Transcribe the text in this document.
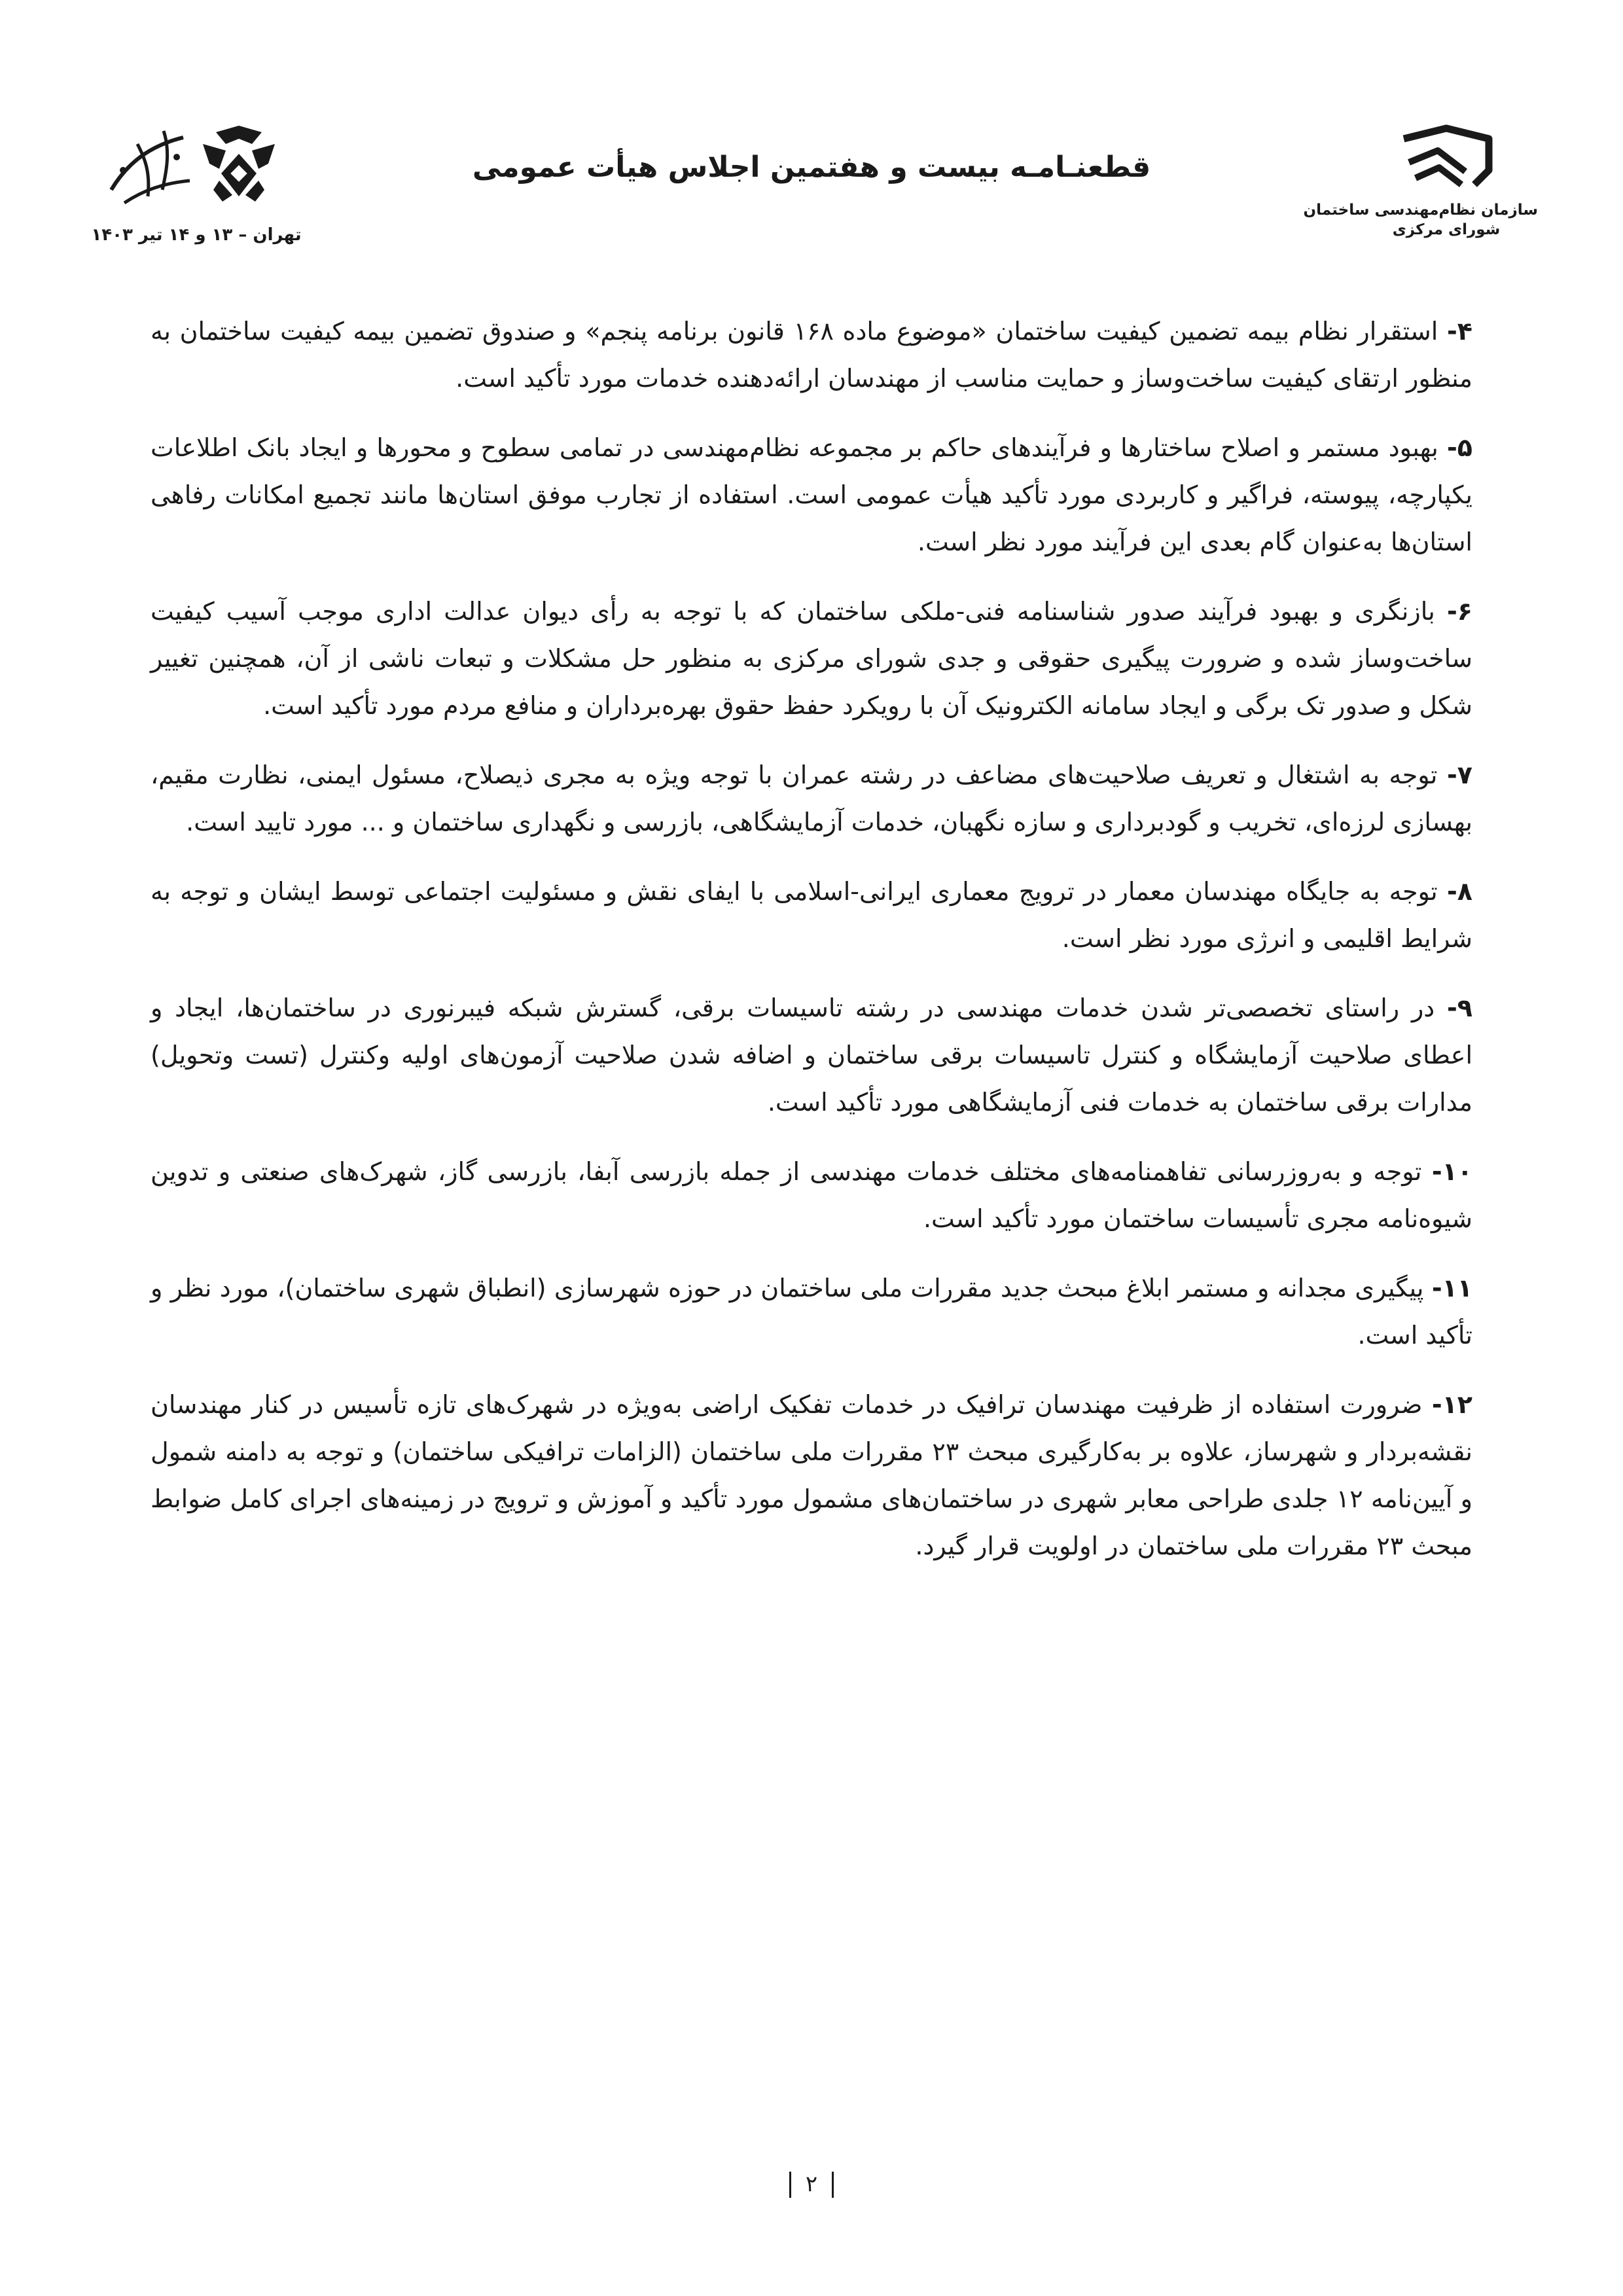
سازمان نظام‌مهندسی ساختمان
شورای مرکزی
قطعنـامـه بیست و هفتمین اجلاس هیأت عمومی
تهران – ۱۳ و ۱۴ تیر ۱۴۰۳

۴- استقرار نظام بیمه تضمین کیفیت ساختمان «موضوع ماده ۱۶۸ قانون برنامه پنجم» و صندوق تضمین بیمه کیفیت ساختمان به منظور ارتقای کیفیت ساخت‌وساز و حمایت مناسب از مهندسان ارائه‌دهنده خدمات مورد تأکید است.

۵- بهبود مستمر و اصلاح ساختارها و فرآیندهای حاکم بر مجموعه نظام‌مهندسی در تمامی سطوح و محورها و ایجاد بانک اطلاعات یکپارچه، پیوسته، فراگیر و کاربردی مورد تأکید هیأت عمومی است. استفاده از تجارب موفق استان‌ها مانند تجمیع امکانات رفاهی استان‌ها به‌عنوان گام بعدی این فرآیند مورد نظر است.

۶- بازنگری و بهبود فرآیند صدور شناسنامه فنی-ملکی ساختمان که با توجه به رأی دیوان عدالت اداری موجب آسیب کیفیت ساخت‌وساز شده و ضرورت پیگیری حقوقی و جدی شورای مرکزی به منظور حل مشکلات و تبعات ناشی از آن، همچنین تغییر شکل و صدور تک برگی و ایجاد سامانه الکترونیک آن با رویکرد حفظ حقوق بهره‌برداران و منافع مردم مورد تأکید است.

۷- توجه به اشتغال و تعریف صلاحیت‌های مضاعف در رشته عمران با توجه ویژه به مجری ذیصلاح، مسئول ایمنی، نظارت مقیم، بهسازی لرزه‌ای، تخریب و گودبرداری و سازه نگهبان، خدمات آزمایشگاهی، بازرسی و نگهداری ساختمان و ... مورد تایید است.

۸- توجه به جایگاه مهندسان معمار در ترویج معماری ایرانی-اسلامی با ایفای نقش و مسئولیت اجتماعی توسط ایشان و توجه به شرایط اقلیمی و انرژی مورد نظر است.

۹- در راستای تخصصی‌تر شدن خدمات مهندسی در رشته تاسیسات برقی، گسترش شبکه فیبرنوری در ساختمان‌ها، ایجاد و اعطای صلاحیت آزمایشگاه و کنترل تاسیسات برقی ساختمان و اضافه شدن صلاحیت آزمون‌های اولیه وکنترل (تست وتحویل) مدارات برقی ساختمان به خدمات فنی آزمایشگاهی مورد تأکید است.

۱۰- توجه و به‌روزرسانی تفاهمنامه‌های مختلف خدمات مهندسی از جمله بازرسی آبفا، بازرسی گاز، شهرک‌های صنعتی و تدوین شیوه‌نامه مجری تأسیسات ساختمان مورد تأکید است.

۱۱- پیگیری مجدانه و مستمر ابلاغ مبحث جدید مقررات ملی ساختمان در حوزه شهرسازی (انطباق شهری ساختمان)، مورد نظر و تأکید است.

۱۲- ضرورت استفاده از ظرفیت مهندسان ترافیک در خدمات تفکیک اراضی به‌ویژه در شهرک‌های تازه تأسیس در کنار مهندسان نقشه‌بردار و شهرساز، علاوه بر به‌کارگیری مبحث ۲۳ مقررات ملی ساختمان (الزامات ترافیکی ساختمان) و توجه به دامنه شمول و آیین‌نامه ۱۲ جلدی طراحی معابر شهری در ساختمان‌های مشمول مورد تأکید و آموزش و ترویج در زمینه‌های اجرای کامل ضوابط مبحث ۲۳ مقررات ملی ساختمان در اولویت قرار گیرد.

۲
